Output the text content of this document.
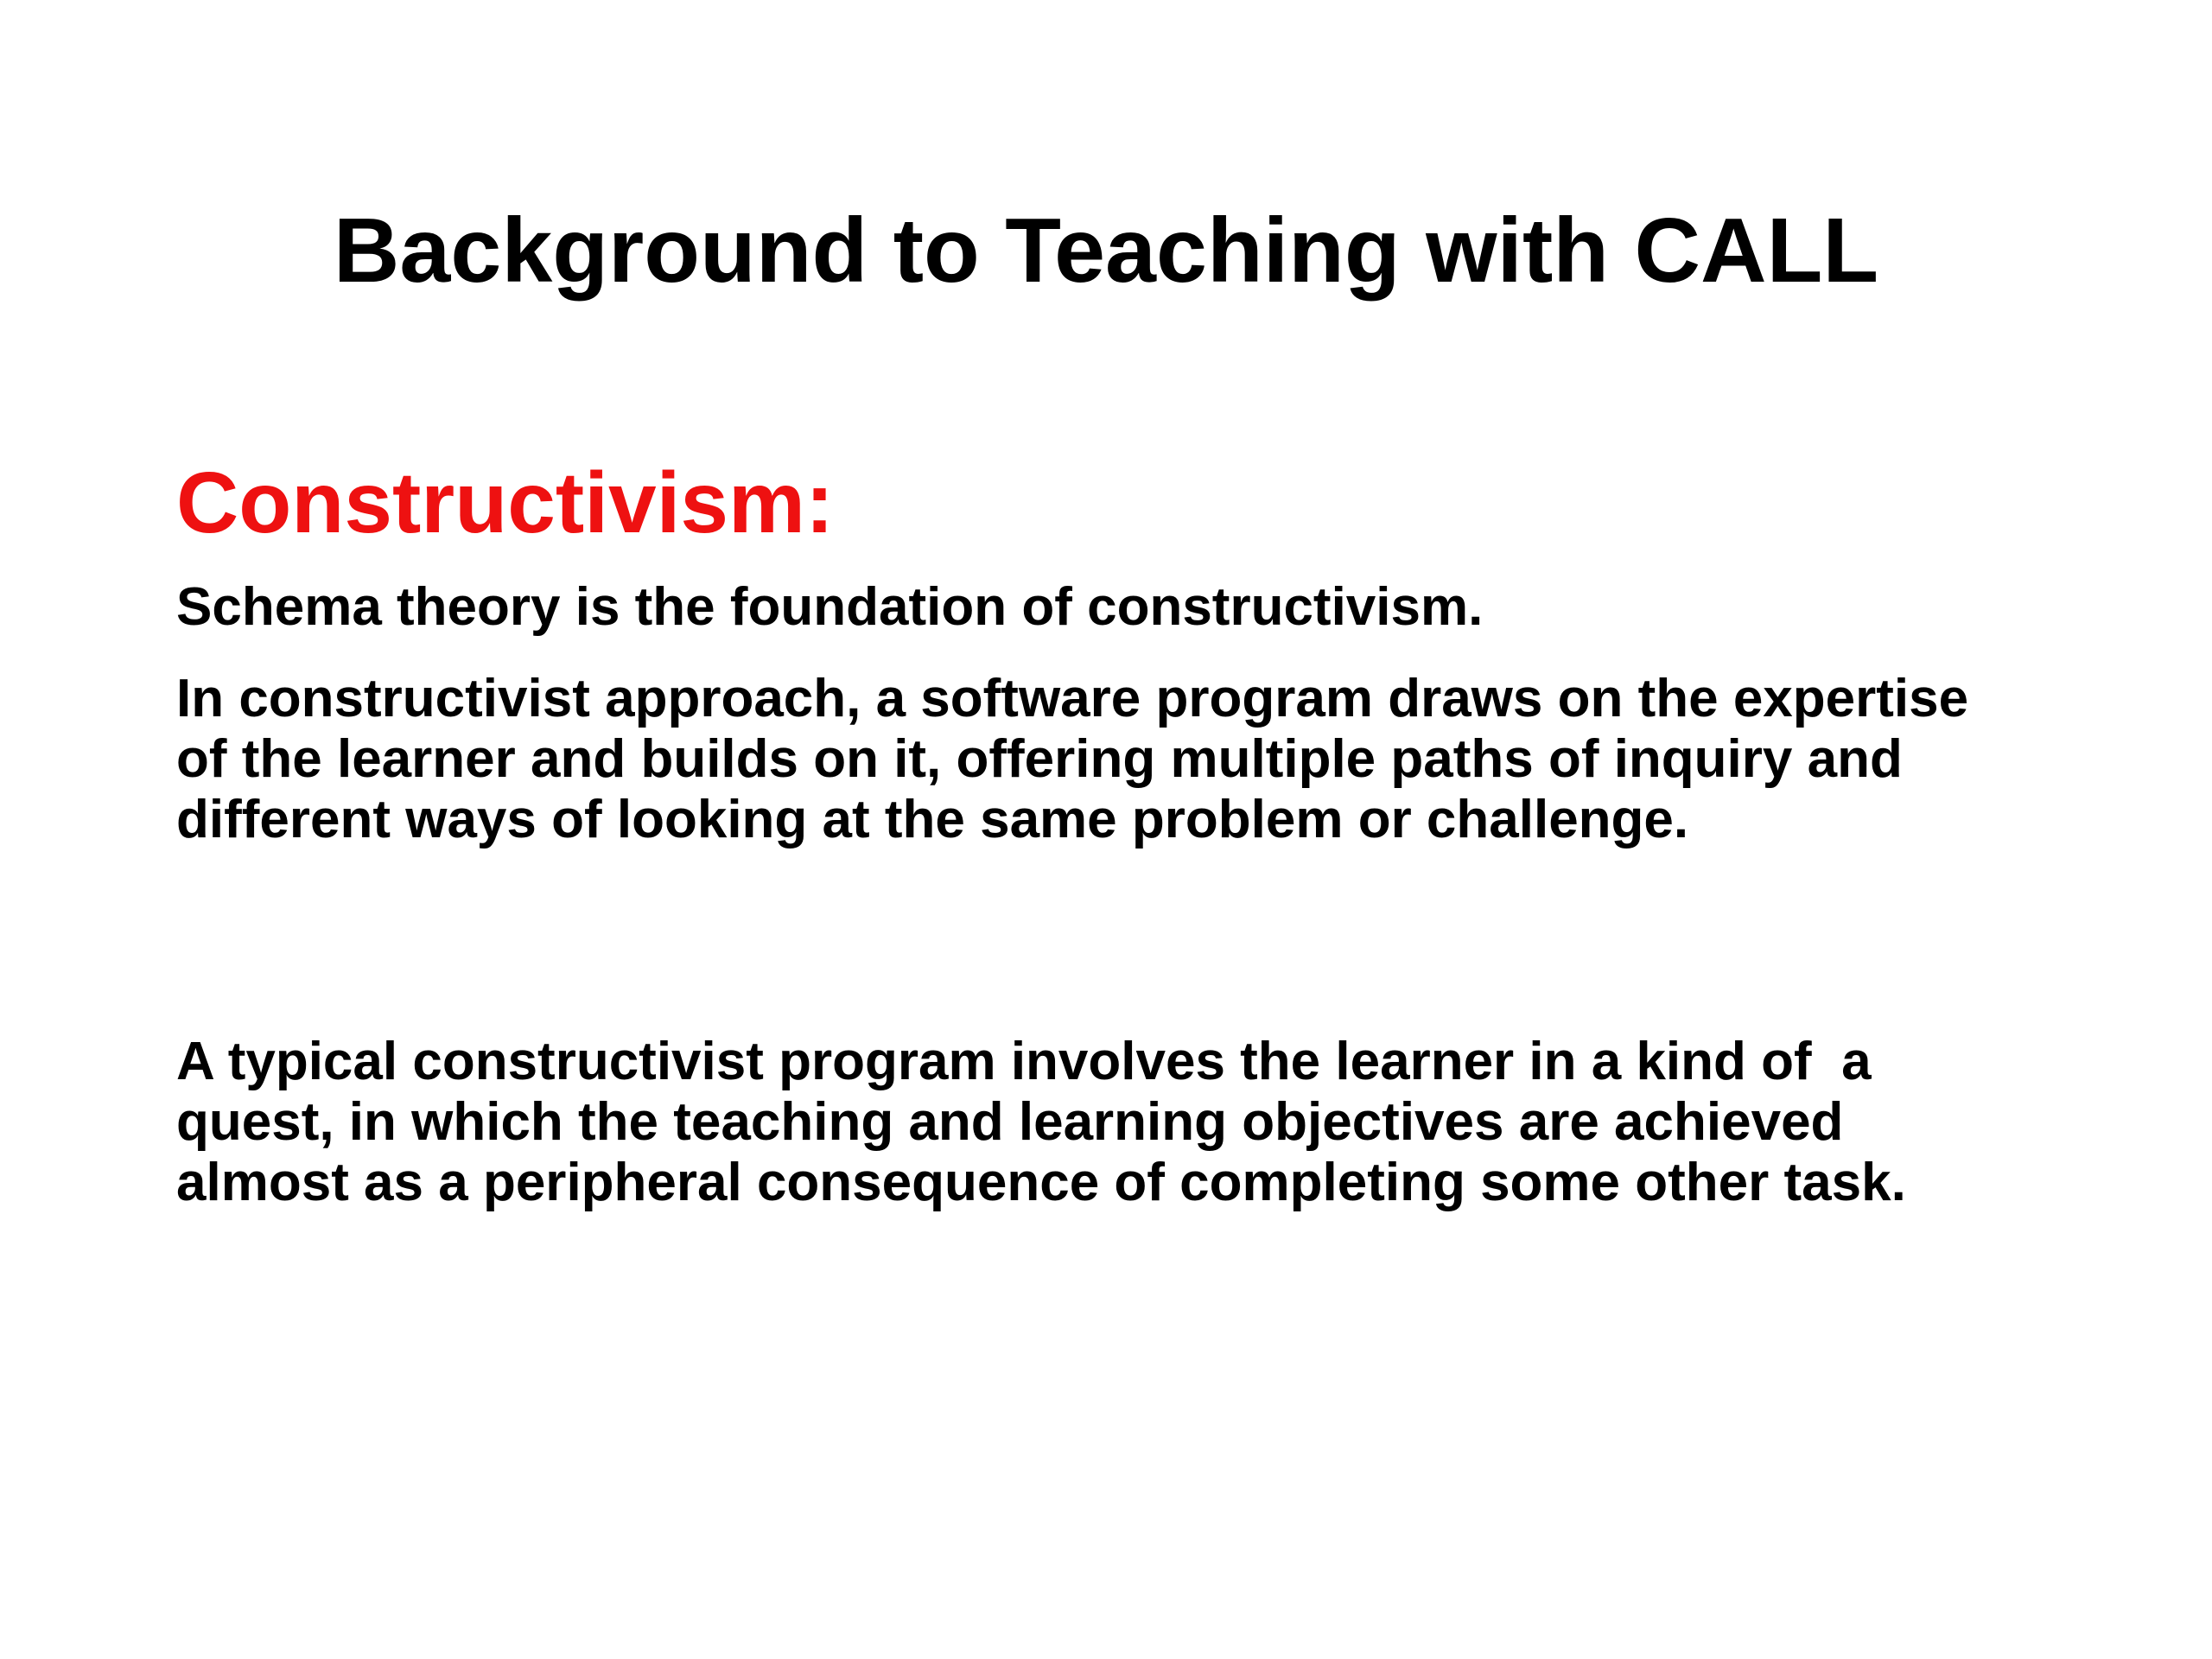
Background to Teaching with CALL
Constructivism:

Schema theory is the foundation of constructivism.

In constructivist approach, a software program draws on the expertise
of the learner and builds on it, offering multiple paths of inquiry and
different ways of looking at the same problem or challenge.

A typical constructivist program involves the learner in a kind of  a
quest, in which the teaching and learning objectives are achieved
almost as a peripheral consequence of completing some other task.
